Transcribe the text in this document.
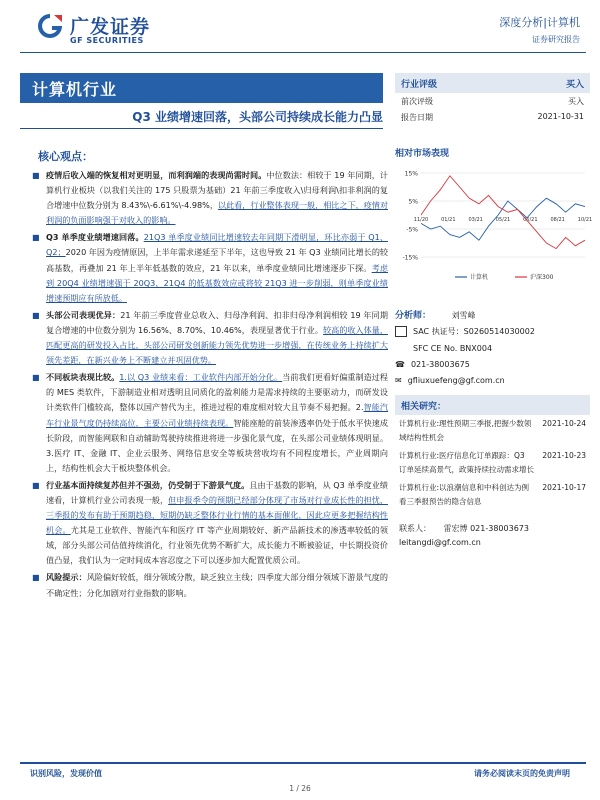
广发证券
GF SECURITIES
深度分析|计算机
证券研究报告
计算机行业
Q3 业绩增速回落，头部公司持续成长能力凸显
核心观点：
■ 疫情后收入端的恢复相对更明显，而利润端的表现尚需时间。中位数法：相较于 19 年同期，计算机行业板块（以我们关注的 175 只股票为基础）21 年前三季度收入\归母利润\扣非利润的复合增速中位数分别为 8.43%\-6.61%\-4.98%，以此看，行业整体表现一般，相比之下，疫情对利润的负面影响强于对收入的影响。
■ Q3 单季度业绩增速回落。21Q3 单季度业绩同比增速较去年同期下滑明显，环比亦弱于 Q1、Q2；2020 年因为疫情原因，上半年需求递延至下半年，这也导致 21 年 Q3 业绩同比增长的较高基数，再叠加 21 年上半年低基数的效应，21 年以来，单季度业绩同比增速逐步下探。考虑到 20Q4 业绩增速强于 20Q3，21Q4 的低基数效应或将较 21Q3 进一步削弱，则单季度业绩增速预期应有所放低。
■ 头部公司表现优异：21 年前三季度营业总收入、归母净利润、扣非归母净利润相较 19 年同期复合增速的中位数分别为 16.56%、8.70%、10.46%，表现显著优于行业。较高的收入体量，匹配更高的研发投入占比，头部公司研发创新能力领先优势进一步增强，在传统业务上持续扩大领先差距，在新兴业务上不断建立并巩固优势。
■ 不同板块表现比较。1.以 Q3 业绩来看：工业软件内部开始分化。当前我们更看好偏重制造过程的 MES 类软件，下游制造业相对透明且同质化的盈利能力是需求持续的主要驱动力，而研发设计类软件门槛较高，整体以国产替代为主，推进过程的难度相对较大且节奏不易把握。2.智能汽车行业景气度仍持续高位，主要公司业绩持续表现。智能座舱的前装渗透率仍处于低水平快速成长阶段，而智能网联和自动辅助驾驶持续推进将进一步强化景气度，在头部公司业绩体现明显。3.医疗 IT、金融 IT、企业云服务、网络信息安全等板块营收均有不同程度增长，产业周期向上，结构性机会大于板块整体机会。
■ 行业基本面持续复苏但并不强劲，仍受制于下游景气度。且由于基数的影响，从 Q3 单季度业绩速看，计算机行业公司表现一般，但申报季令的预期已经部分体现了市场对行业成长性的担忧，三季报的发布有助于预期趋稳，短期仍缺乏整体行业行情的基本面催化，因此应更多把握结构性机会。尤其是工业软件、智能汽车和医疗 IT 等产业周期较好、新产品新技术的渗透率较低的领域，部分头部公司估值持续消化，行业领先优势不断扩大，成长能力不断被验证，中长期投资价值凸显，我们认为一定时间成本容忍度之下可以逐步加大配置优质公司。
■ 风险提示：风险偏好较低，细分领域分散，缺乏独立主线；四季度大部分细分领域下游景气度的不确定性；分化加剧对行业指数的影响。
行业评级	买入
前次评级	买入
报告日期	2021-10-31
相对市场表现
15%
5%
-5%
-15%
11/20	01/21	03/21	05/21	06/21	08/21	10/21
计算机	沪深300
分析师：	刘雪峰
SAC 执证号：S0260514030002
SFC CE No. BNX004
☎ 021-38003675
✉ gfliuxuefeng@gf.com.cn
相关研究：
计算机行业:理性预期三季报,把握少数领域结构性机会
2021-10-24
计算机行业:医疗信息化订单跟踪：Q3 订单延续高景气，政策持续拉动需求增长
2021-10-23
计算机行业:以浪潮信息和中科创达为例看三季报预告的隐含信息
2021-10-17
联系人： 雷宏博 021-38003673
leitangdi@gf.com.cn
识别风险，发现价值	请务必阅读末页的免责声明
1 / 26
